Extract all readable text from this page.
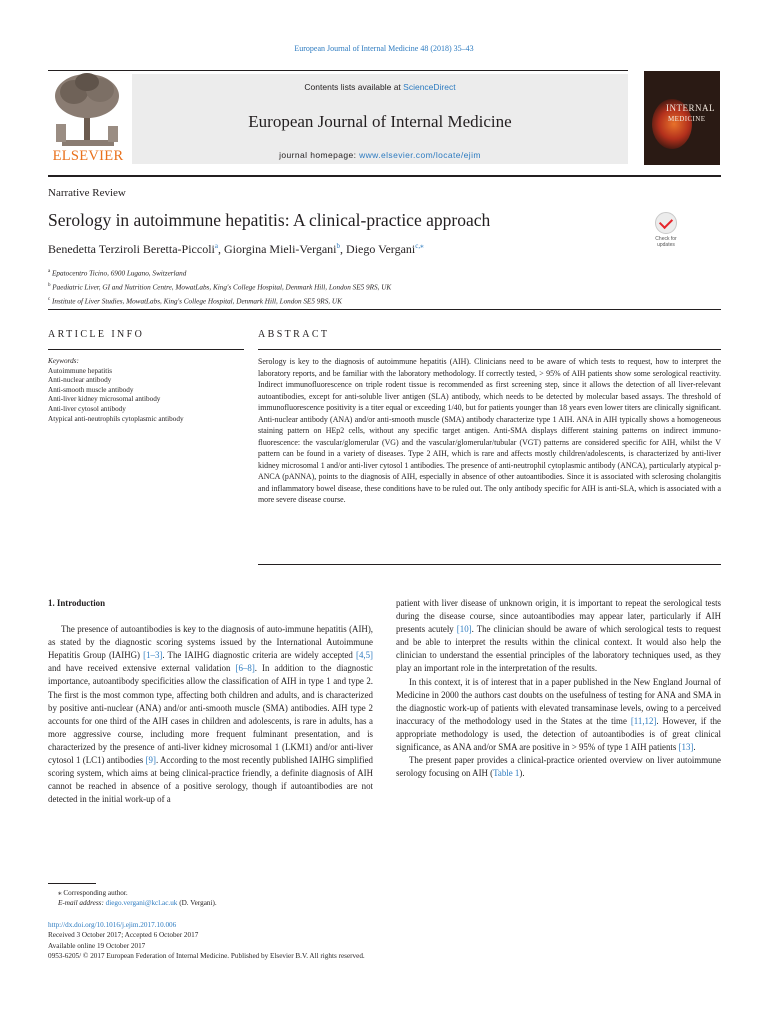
European Journal of Internal Medicine 48 (2018) 35–43
ELSEVIER
Contents lists available at ScienceDirect
European Journal of Internal Medicine
journal homepage: www.elsevier.com/locate/ejim
INTERNAL
MEDICINE
Narrative Review
Serology in autoimmune hepatitis: A clinical-practice approach
Check for
updates
Benedetta Terziroli Beretta-Piccoli$^a$, Giorgina Mieli-Vergani$^b$, Diego Vergani$^{c,⁎}$
$^a$ Epatocentro Ticino, 6900 Lugano, Switzerland
$^b$ Paediatric Liver, GI and Nutrition Centre, MowatLabs, King's College Hospital, Denmark Hill, London SE5 9RS, UK
$^c$ Institute of Liver Studies, MowatLabs, King's College Hospital, Denmark Hill, London SE5 9RS, UK
ARTICLE INFO	ABSTRACT
Keywords:
Autoimmune hepatitis
Anti-nuclear antibody
Anti-smooth muscle antibody
Anti-liver kidney microsomal antibody
Anti-liver cytosol antibody
Atypical anti-neutrophils cytoplasmic antibody
Serology is key to the diagnosis of autoimmune hepatitis (AIH). Clinicians need to be aware of which tests to request, how to interpret the laboratory reports, and be familiar with the laboratory methodology. If correctly tested, > 95% of AIH patients show some serological reactivity. Indirect immunofluorescence on triple rodent tissue is recommended as first screening step, since it allows the detection of all liver-relevant autoantibodies, except for anti-soluble liver antigen (SLA) antibody, which needs to be detected by molecular based assays. The threshold of immunofluorescence positivity is a titer equal or exceeding 1/40, but for patients younger than 18 years even lower titers are clinically significant. Anti-nuclear antibody (ANA) and/or anti-smooth muscle (SMA) antibody characterize type 1 AIH. ANA in AIH typically shows a homogeneous staining pattern on HEp2 cells, without any specific target antigen. Anti-SMA displays different staining patterns on indirect immuno-fluorescence: the vascular/glomerular (VG) and the vascular/glomerular/tubular (VGT) patterns are considered specific for AIH, whilst the V pattern can be found in a variety of diseases. Type 2 AIH, which is rare and affects mostly children/adolescents, is characterized by anti-liver kidney microsomal 1 and/or anti-liver cytosol 1 antibodies. The presence of anti-neutrophil cytoplasmic antibody (ANCA), particularly atypical p-ANCA (pANNA), points to the diagnosis of AIH, especially in absence of other autoantibodies. Since it is associated with sclerosing cholangitis and inflammatory bowel disease, these conditions have to be ruled out. The only antibody specific for AIH is anti-SLA, which is associated with a more severe disease course.
1. Introduction
The presence of autoantibodies is key to the diagnosis of auto-immune hepatitis (AIH), as stated by the diagnostic scoring systems issued by the International Autoimmune Hepatitis Group (IAIHG) [1–3]. The IAIHG diagnostic criteria are widely accepted [4,5] and have received extensive external validation [6–8]. In addition to the diagnostic importance, autoantibody specificities allow the classification of AIH in type 1 and type 2. The first is the most common type, affecting both children and adults, and is characterized by positive anti-nuclear (ANA) and/or anti-smooth muscle (SMA) antibodies. AIH type 2 accounts for one third of the AIH cases in children and adolescents, is rare in adults, has a more aggressive course, including more frequent fulminant presentation, and is characterized by the presence of anti-liver kidney microsomal 1 (LKM1) and/or anti-liver cytosol 1 (LC1) antibodies [9]. According to the most recently published IAIHG simplified scoring system, which aims at being clinical-practice friendly, a definite diagnosis of AIH cannot be reached in absence of a positive serology, though if autoantibodies are not detected in the initial work-up of a
patient with liver disease of unknown origin, it is important to repeat the serological tests during the disease course, since autoantibodies may appear later, particularly if AIH presents acutely [10]. The clinician should be aware of which serological tests to request and be able to interpret the results within the clinical context. It would also help the clinician to understand the essential principles of the laboratory techniques used, as they play an important role in the interpretation of the results.
In this context, it is of interest that in a paper published in the New England Journal of Medicine in 2000 the authors cast doubts on the usefulness of testing for ANA and SMA in the diagnostic work-up of patients with elevated transaminase levels, owing to a perceived inaccuracy of the methodology used in the States at the time [11,12]. However, if the appropriate methodology is used, the detection of autoantibodies is of great clinical significance, as ANA and/or SMA are positive in > 95% of type 1 AIH patients [13].
The present paper provides a clinical-practice oriented overview on liver autoimmune serology focusing on AIH (Table 1).
⁎ Corresponding author.
E-mail address: diego.vergani@kcl.ac.uk (D. Vergani).
http://dx.doi.org/10.1016/j.ejim.2017.10.006
Received 3 October 2017; Accepted 6 October 2017
Available online 19 October 2017
0953-6205/ © 2017 European Federation of Internal Medicine. Published by Elsevier B.V. All rights reserved.
